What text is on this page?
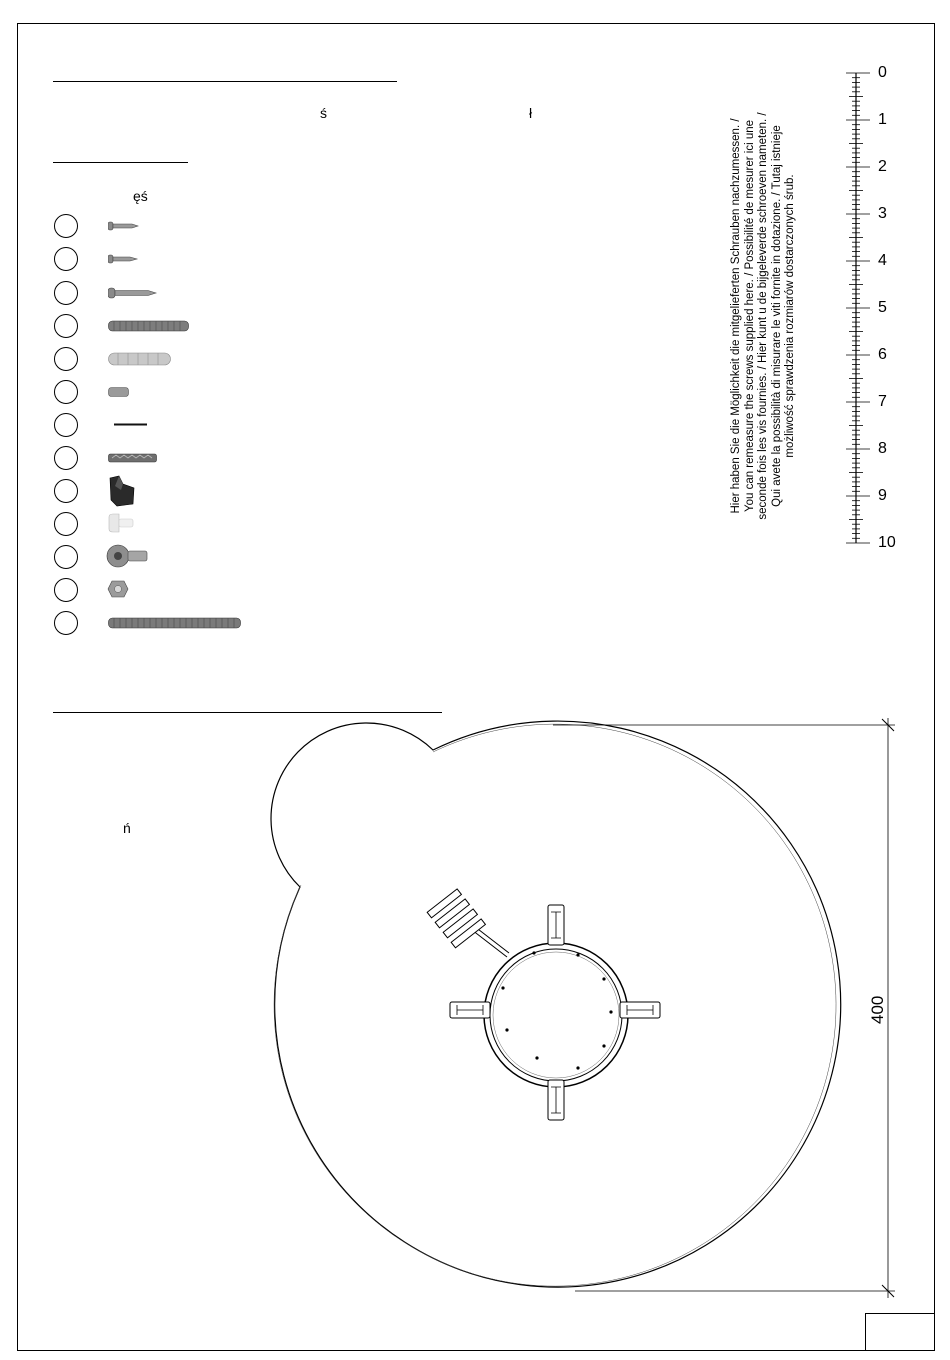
ś	ł
ęś
0
1
2
3
4
5
6
7
8
9
10
Hier haben Sie die Möglichkeit die mitgelieferten Schrauben nachzumessen. / You can remeasure the screws supplied here. / Possibilité de mesurer ici une seconde fois les vis fournies. / Hier kunt u de bijgeleverde schroeven nameten. / Qui avete la possibilità di misurare le viti fornite in dotazione. / Tutaj istnieje możliwość sprawdzenia rozmiarów dostarczonych śrub.
ń
400
